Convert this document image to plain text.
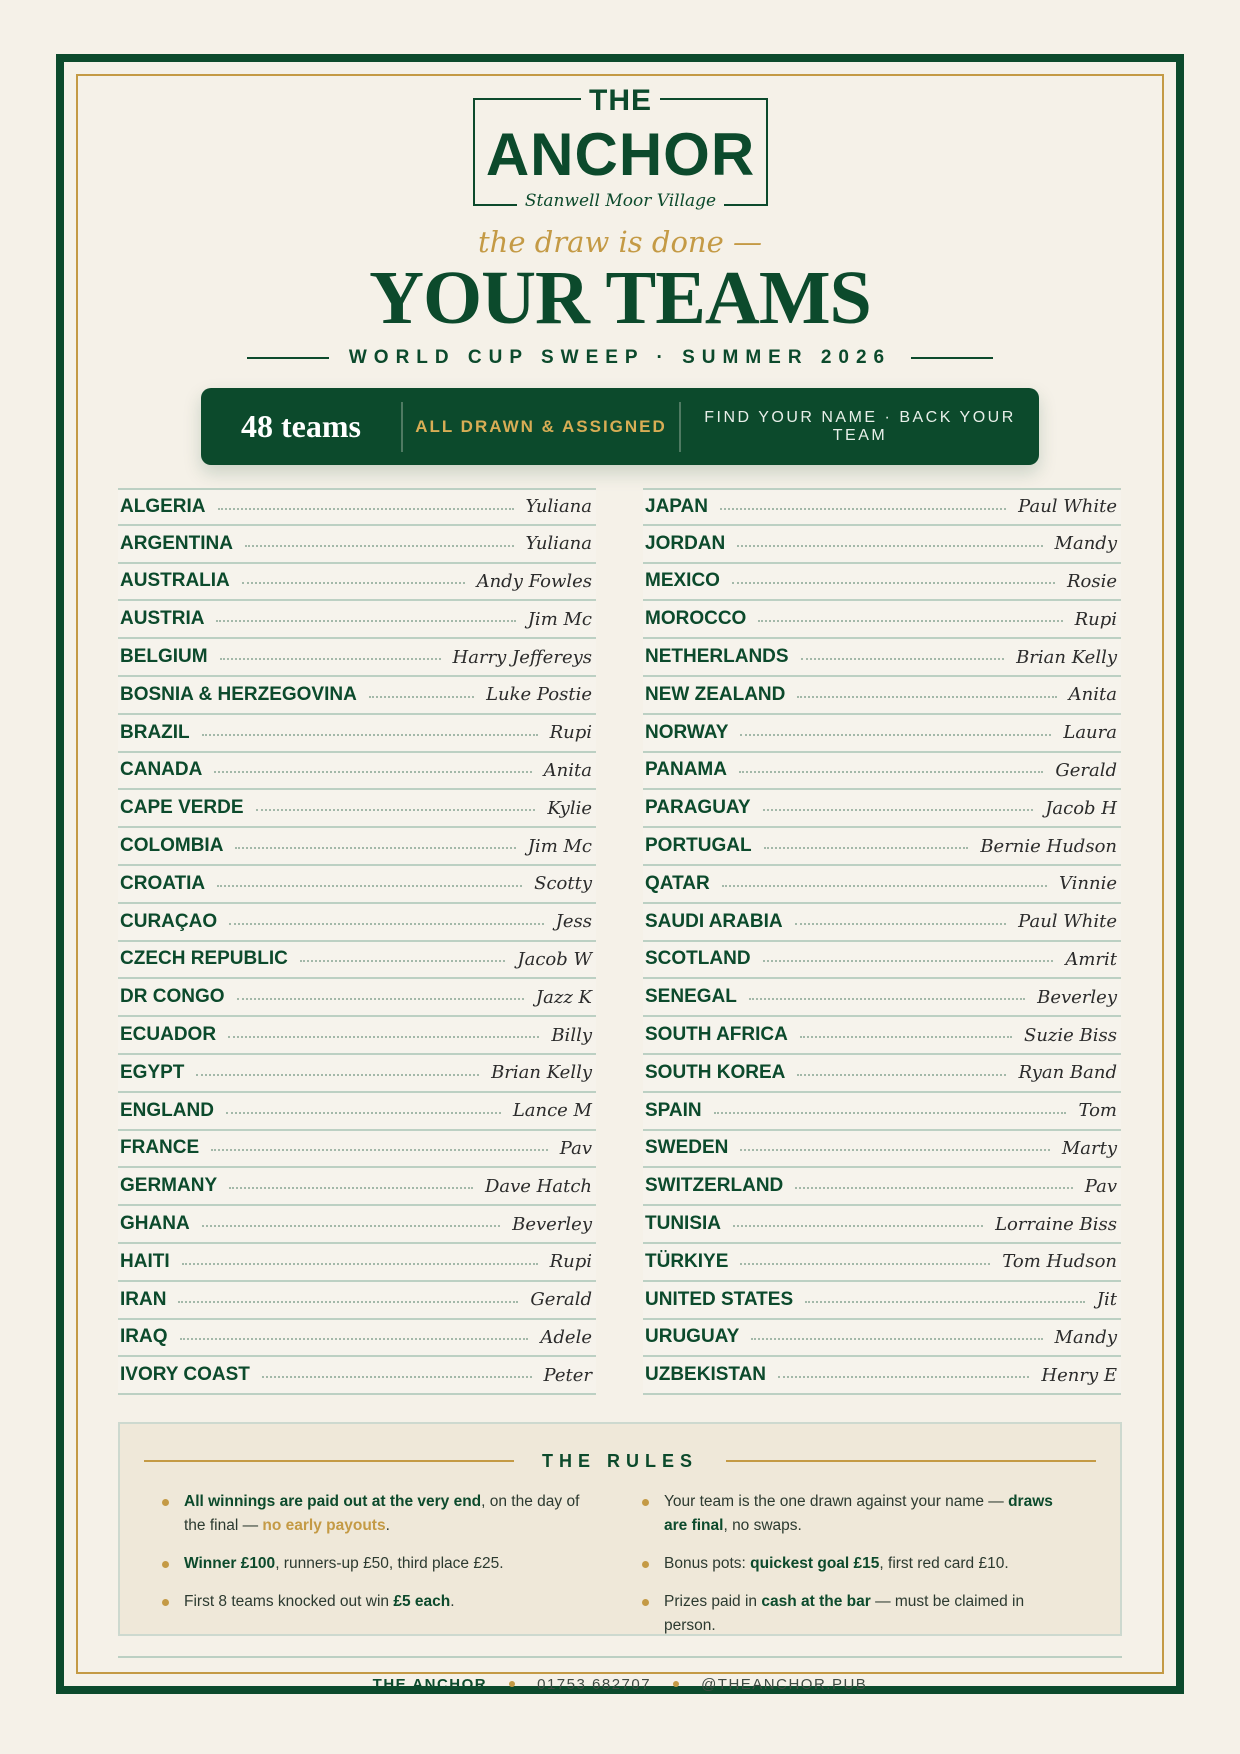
THE
ANCHOR
Stanwell Moor Village
the draw is done —
YOUR TEAMS
WORLD CUP SWEEP · SUMMER 2026
48 teams	ALL DRAWN & ASSIGNED	FIND YOUR NAME · BACK YOUR TEAM
ALGERIA	Yuliana
ARGENTINA	Yuliana
AUSTRALIA	Andy Fowles
AUSTRIA	Jim Mc
BELGIUM	Harry Jeffereys
BOSNIA & HERZEGOVINA	Luke Postie
BRAZIL	Rupi
CANADA	Anita
CAPE VERDE	Kylie
COLOMBIA	Jim Mc
CROATIA	Scotty
CURAÇAO	Jess
CZECH REPUBLIC	Jacob W
DR CONGO	Jazz K
ECUADOR	Billy
EGYPT	Brian Kelly
ENGLAND	Lance M
FRANCE	Pav
GERMANY	Dave Hatch
GHANA	Beverley
HAITI	Rupi
IRAN	Gerald
IRAQ	Adele
IVORY COAST	Peter
JAPAN	Paul White
JORDAN	Mandy
MEXICO	Rosie
MOROCCO	Rupi
NETHERLANDS	Brian Kelly
NEW ZEALAND	Anita
NORWAY	Laura
PANAMA	Gerald
PARAGUAY	Jacob H
PORTUGAL	Bernie Hudson
QATAR	Vinnie
SAUDI ARABIA	Paul White
SCOTLAND	Amrit
SENEGAL	Beverley
SOUTH AFRICA	Suzie Biss
SOUTH KOREA	Ryan Band
SPAIN	Tom
SWEDEN	Marty
SWITZERLAND	Pav
TUNISIA	Lorraine Biss
TÜRKIYE	Tom Hudson
UNITED STATES	Jit
URUGUAY	Mandy
UZBEKISTAN	Henry E
THE RULES
All winnings are paid out at the very end, on the day of the final — no early payouts.
Winner £100, runners-up £50, third place £25.
First 8 teams knocked out win £5 each.
Your team is the one drawn against your name — draws are final, no swaps.
Bonus pots: quickest goal £15, first red card £10.
Prizes paid in cash at the bar — must be claimed in person.
THE ANCHOR	01753 682707	@THEANCHOR.PUB
